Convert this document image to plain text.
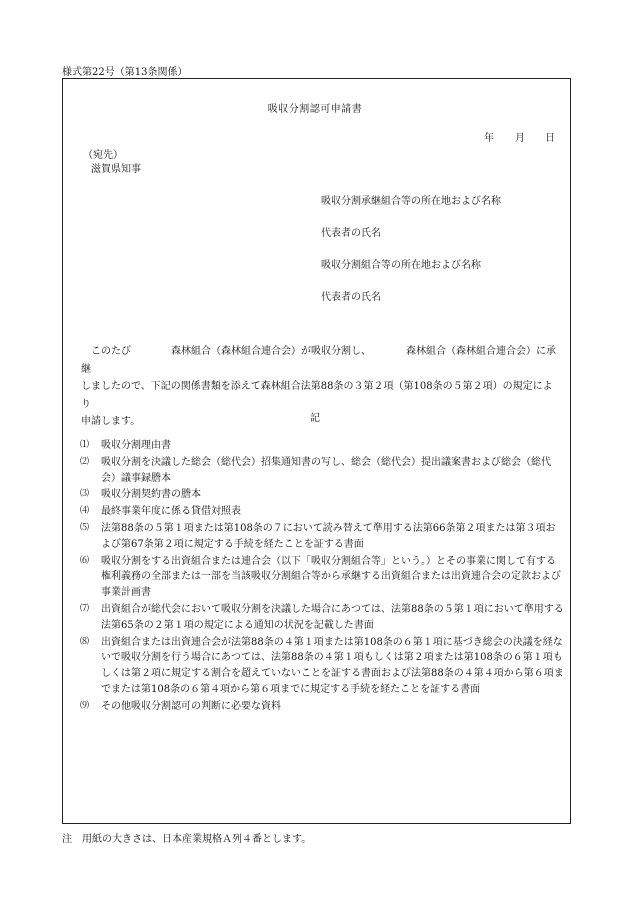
様式第22号（第13条関係）
吸収分割認可申請書
年 月 日
（宛先）
滋賀県知事
吸収分割承継組合等の所在地および名称
代表者の氏名
吸収分割組合等の所在地および名称
代表者の氏名

　このたび　　　　森林組合（森林組合連合会）が吸収分割し、　　　　森林組合（森林組合連合会）に承継

しましたので、下記の関係書類を添えて森林組合法第88条の３第２項（第108条の５第２項）の規定により

申請します。	記
⑴	吸収分割理由書
⑵	吸収分割を決議した総会（総代会）招集通知書の写し、総会（総代会）提出議案書および総会（総代会）議事録謄本
⑶	吸収分割契約書の謄本
⑷	最終事業年度に係る貸借対照表
⑸	法第88条の５第１項または第108条の７において読み替えて準用する法第66条第２項または第３項および第67条第２項に規定する手続を経たことを証する書面
⑹	吸収分割をする出資組合または連合会（以下「吸収分割組合等」という。）とその事業に関して有する権利義務の全部または一部を当該吸収分割組合等から承継する出資組合または出資連合会の定款および事業計画書
⑺	出資組合が総代会において吸収分割を決議した場合にあつては、法第88条の５第１項において準用する法第65条の２第１項の規定による通知の状況を記載した書面
⑻	出資組合または出資連合会が法第88条の４第１項または第108条の６第１項に基づき総会の決議を経ないで吸収分割を行う場合にあつては、法第88条の４第１項もしくは第２項または第108条の６第１項もしくは第２項に規定する割合を超えていないことを証する書面および法第88条の４第４項から第６項までまたは第108条の６第４項から第６項までに規定する手続を経たことを証する書面
⑼	その他吸収分割認可の判断に必要な資料
注　用紙の大きさは、日本産業規格Ａ列４番とします。
